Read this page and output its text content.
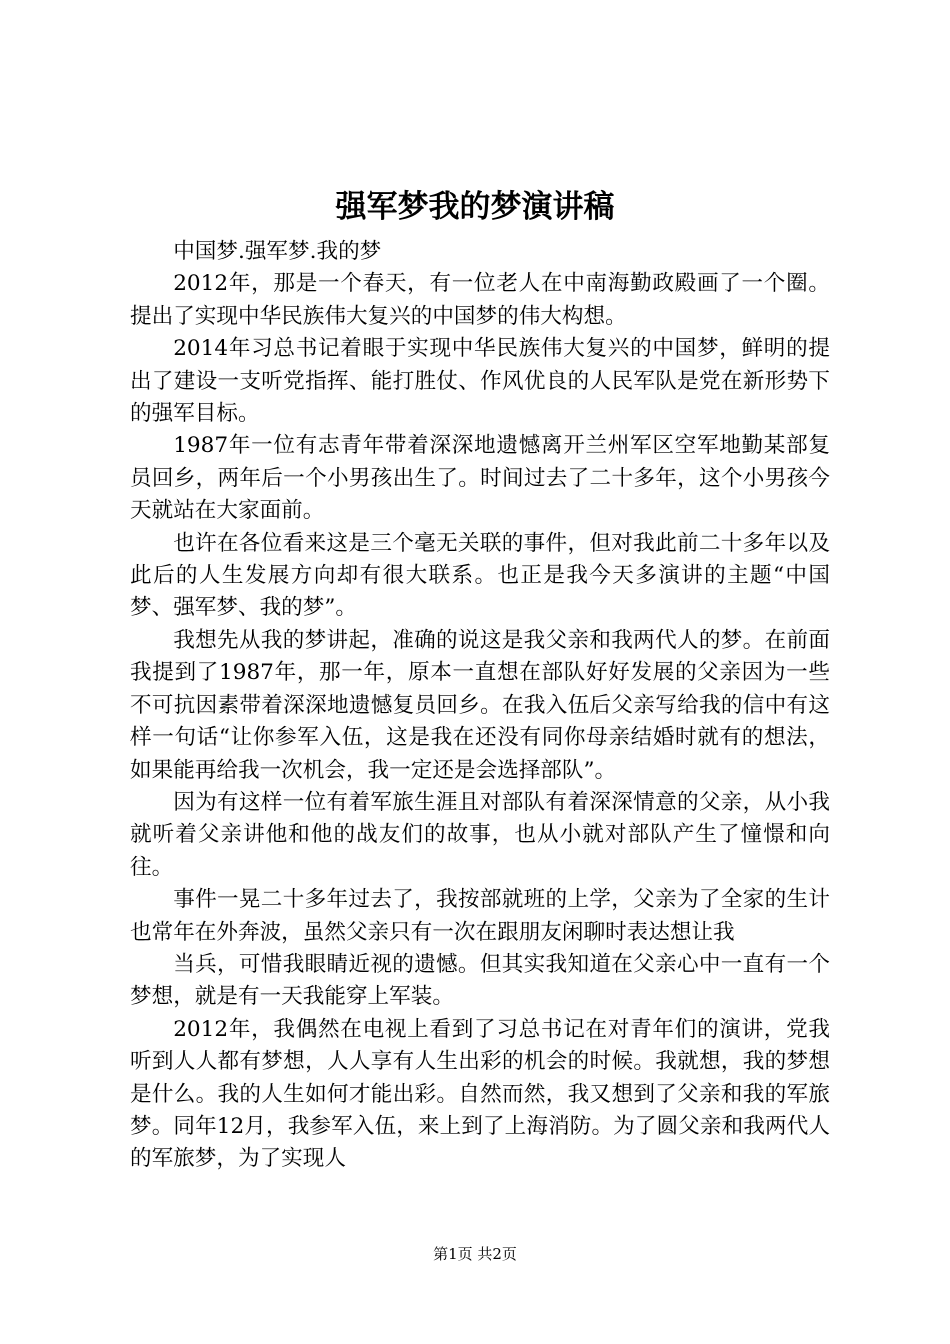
强军梦我的梦演讲稿

中国梦.强军梦.我的梦

2012年，那是一个春天，有一位老人在中南海勤政殿画了一个圈。提出了实现中华民族伟大复兴的中国梦的伟大构想。

2014年习总书记着眼于实现中华民族伟大复兴的中国梦，鲜明的提出了建设一支听党指挥、能打胜仗、作风优良的人民军队是党在新形势下的强军目标。

1987年一位有志青年带着深深地遗憾离开兰州军区空军地勤某部复员回乡，两年后一个小男孩出生了。时间过去了二十多年，这个小男孩今天就站在大家面前。

也许在各位看来这是三个毫无关联的事件，但对我此前二十多年以及此后的人生发展方向却有很大联系。也正是我今天多演讲的主题“中国梦、强军梦、我的梦”。

我想先从我的梦讲起，准确的说这是我父亲和我两代人的梦。在前面我提到了1987年，那一年，原本一直想在部队好好发展的父亲因为一些不可抗因素带着深深地遗憾复员回乡。在我入伍后父亲写给我的信中有这样一句话“让你参军入伍，这是我在还没有同你母亲结婚时就有的想法，如果能再给我一次机会，我一定还是会选择部队”。

因为有这样一位有着军旅生涯且对部队有着深深情意的父亲，从小我就听着父亲讲他和他的战友们的故事，也从小就对部队产生了憧憬和向往。

事件一晃二十多年过去了，我按部就班的上学，父亲为了全家的生计也常年在外奔波，虽然父亲只有一次在跟朋友闲聊时表达想让我

当兵，可惜我眼睛近视的遗憾。但其实我知道在父亲心中一直有一个梦想，就是有一天我能穿上军装。

2012年，我偶然在电视上看到了习总书记在对青年们的演讲，党我听到人人都有梦想，人人享有人生出彩的机会的时候。我就想，我的梦想是什么。我的人生如何才能出彩。自然而然，我又想到了父亲和我的军旅梦。同年12月，我参军入伍，来上到了上海消防。为了圆父亲和我两代人的军旅梦，为了实现人

第1页 共2页
